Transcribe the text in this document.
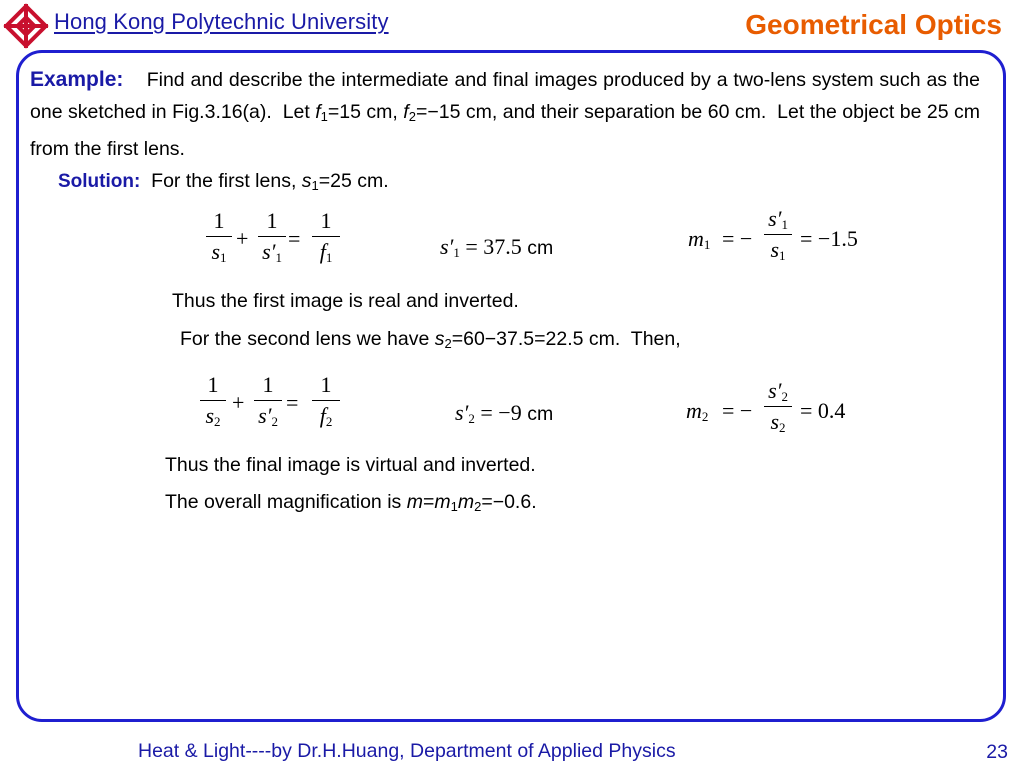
Hong Kong Polytechnic University	Geometrical Optics
Example: Find and describe the intermediate and final images produced by a two-lens system such as the one sketched in Fig.3.16(a).  Let $f_1=15$ cm, $f_2=-15$ cm, and their separation be 60 cm.  Let the object be 25 cm from the first lens.
Solution: For the first lens, $s_1=25$ cm.
1
$s_1$
+
1
$s'_1$
=
1
$f_1$	$s'_1 = 37.5$ cm	$m_1$ = −
$s'_1$
$s_1$
= −1.5
Thus the first image is real and inverted.
For the second lens we have $s_2=60-37.5=22.5$ cm.  Then,
1
$s_2$
+
1
$s'_2$
=
1
$f_2$	$s'_2 = -9$ cm	$m_2$ = −
$s'_2$
$s_2$
= 0.4
Thus the final image is virtual and inverted.
The overall magnification is $m=m_1m_2=-0.6$.
Heat & Light----by Dr.H.Huang, Department of Applied Physics	23
